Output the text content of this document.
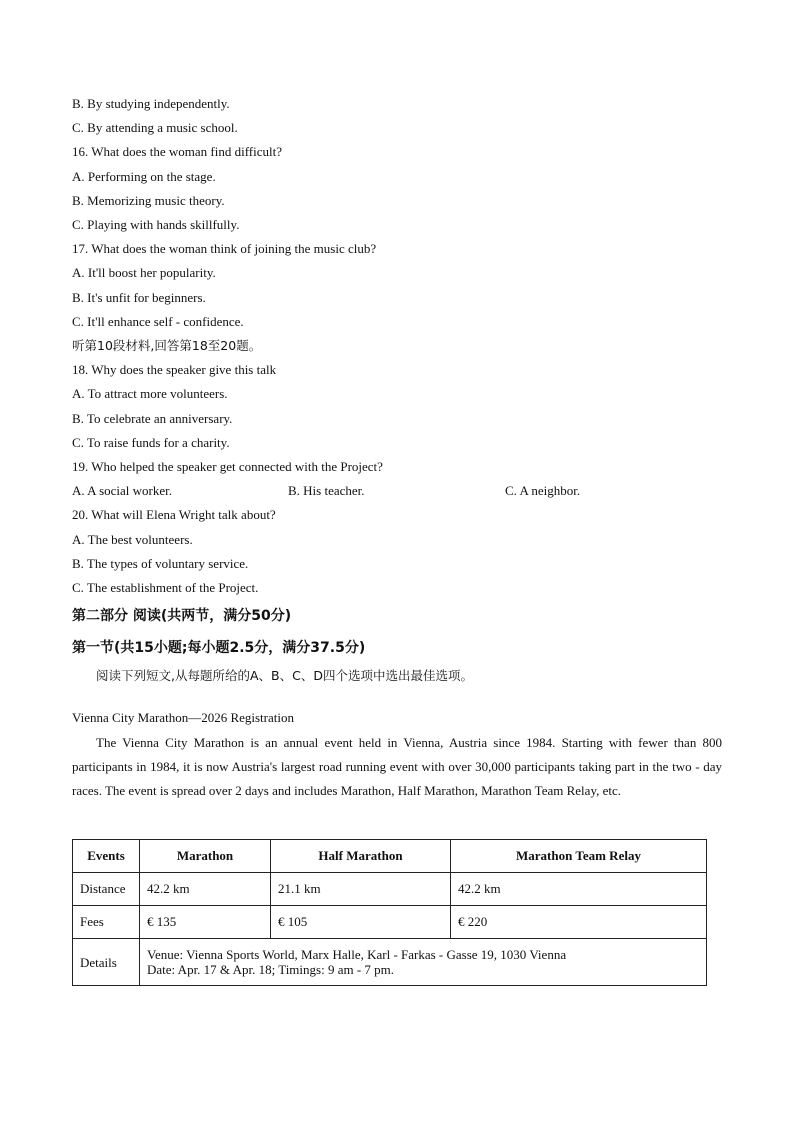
B. By studying independently.
C. By attending a music school.
16. What does the woman find difficult?
A. Performing on the stage.
B. Memorizing music theory.
C. Playing with hands skillfully.
17. What does the woman think of joining the music club?
A. It'll boost her popularity.
B. It's unfit for beginners.
C. It'll enhance self - confidence.
听第10段材料,回答第18至20题。
18. Why does the speaker give this talk
A. To attract more volunteers.
B. To celebrate an anniversary.
C. To raise funds for a charity.
19. Who helped the speaker get connected with the Project?
A. A social worker.	B. His teacher.	C. A neighbor.
20. What will Elena Wright talk about?
A. The best volunteers.
B. The types of voluntary service.
C. The establishment of the Project.
第二部分 阅读(共两节，满分50分)
第一节(共15小题;每小题2.5分，满分37.5分)
阅读下列短文,从每题所给的A、B、C、D四个选项中选出最佳选项。
Vienna City Marathon—2026 Registration

The Vienna City Marathon is an annual event held in Vienna, Austria since 1984. Starting with fewer than 800 participants in 1984, it is now Austria's largest road running event with over 30,000 participants taking part in the two - day races. The event is spread over 2 days and includes Marathon, Half Marathon, Marathon Team Relay, etc.

Events	Marathon	Half Marathon	Marathon Team Relay
Distance	42.2 km	21.1 km	42.2 km
Fees	€ 135	€ 105	€ 220
Details	Venue: Vienna Sports World, Marx Halle, Karl - Farkas - Gasse 19, 1030 Vienna
Date: Apr. 17 & Apr. 18; Timings: 9 am - 7 pm.		
